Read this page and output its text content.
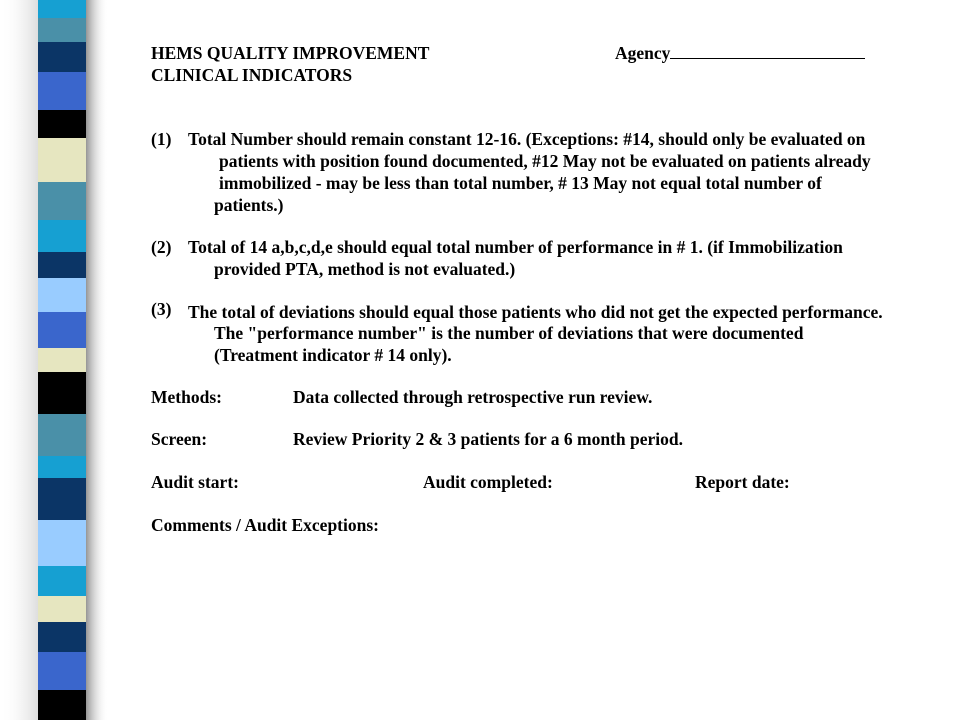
HEMS QUALITY IMPROVEMENT
CLINICAL INDICATORS
Agency
(1) Total Number should remain constant 12-16. (Exceptions: #14, should only be evaluated on
patients with position found documented, #12 May not be evaluated on patients already
immobilized - may be less than total number, # 13 May not equal total number of
patients.)
(2) Total of 14 a,b,c,d,e should equal total number of performance in # 1. (if Immobilization
provided PTA, method is not evaluated.)
(3) The total of deviations should equal those patients who did not get the expected performance.
The "performance number" is the number of deviations that were documented
(Treatment indicator # 14 only).
Methods:	Data collected through retrospective run review.
Screen:	Review Priority 2 & 3 patients for a 6 month period.
Audit start:	Audit completed:	Report date:
Comments / Audit Exceptions:
